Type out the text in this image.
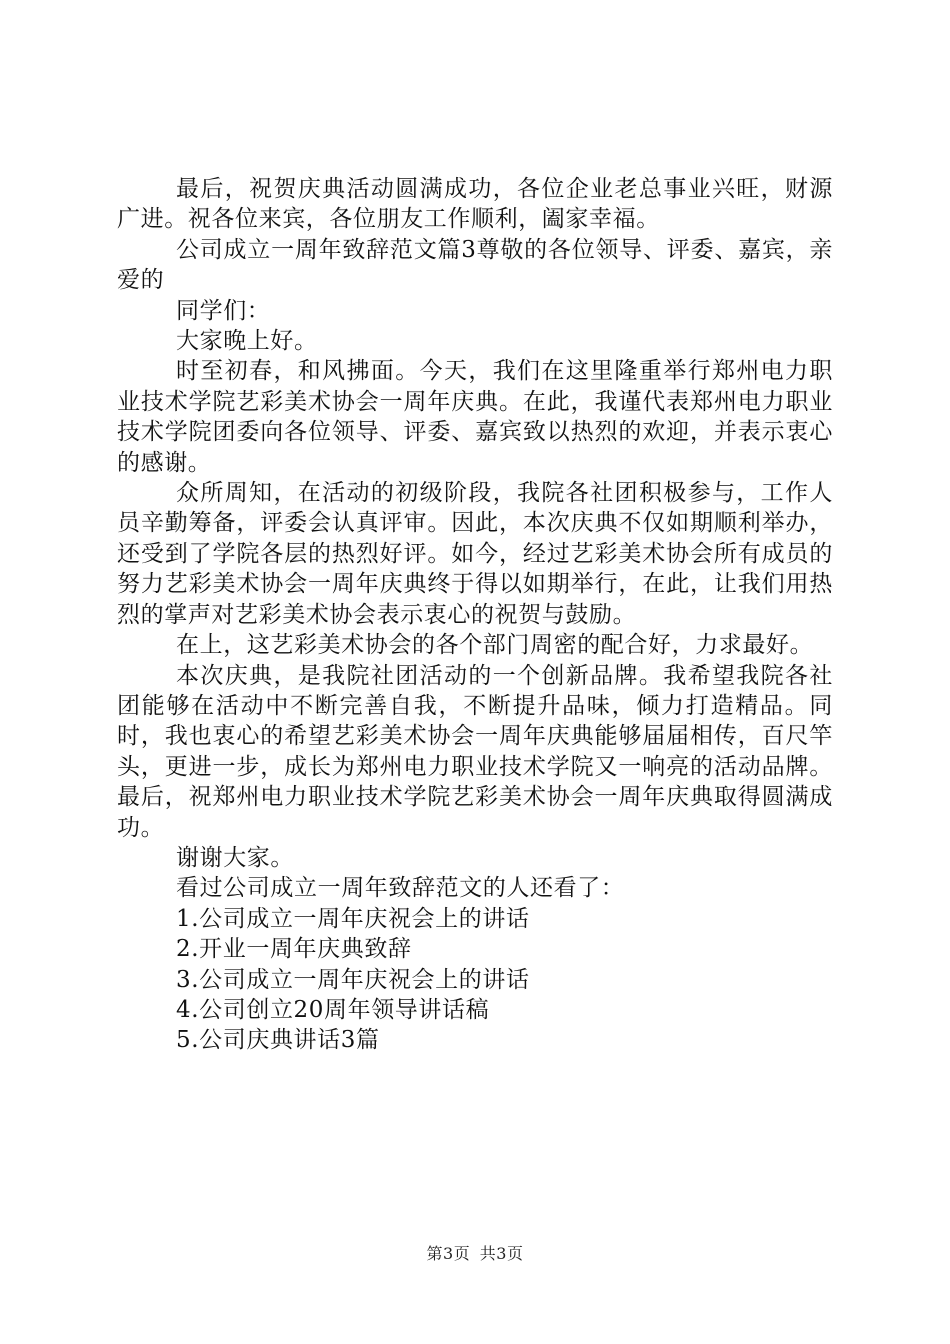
最后，祝贺庆典活动圆满成功，各位企业老总事业兴旺，财源广进。祝各位来宾，各位朋友工作顺利，阖家幸福。

公司成立一周年致辞范文篇3尊敬的各位领导、评委、嘉宾，亲爱的

同学们：

大家晚上好。

时至初春，和风拂面。今天，我们在这里隆重举行郑州电力职业技术学院艺彩美术协会一周年庆典。在此，我谨代表郑州电力职业技术学院团委向各位领导、评委、嘉宾致以热烈的欢迎，并表示衷心的感谢。

众所周知，在活动的初级阶段，我院各社团积极参与，工作人员辛勤筹备，评委会认真评审。因此，本次庆典不仅如期顺利举办，还受到了学院各层的热烈好评。如今，经过艺彩美术协会所有成员的努力艺彩美术协会一周年庆典终于得以如期举行，在此，让我们用热烈的掌声对艺彩美术协会表示衷心的祝贺与鼓励。

在上，这艺彩美术协会的各个部门周密的配合好，力求最好。

本次庆典，是我院社团活动的一个创新品牌。我希望我院各社团能够在活动中不断完善自我，不断提升品味，倾力打造精品。同时，我也衷心的希望艺彩美术协会一周年庆典能够届届相传，百尺竿头，更进一步，成长为郑州电力职业技术学院又一响亮的活动品牌。最后，祝郑州电力职业技术学院艺彩美术协会一周年庆典取得圆满成功。

谢谢大家。

看过公司成立一周年致辞范文的人还看了：

1.公司成立一周年庆祝会上的讲话

2.开业一周年庆典致辞

3.公司成立一周年庆祝会上的讲话

4.公司创立20周年领导讲话稿

5.公司庆典讲话3篇

第3页 共3页
